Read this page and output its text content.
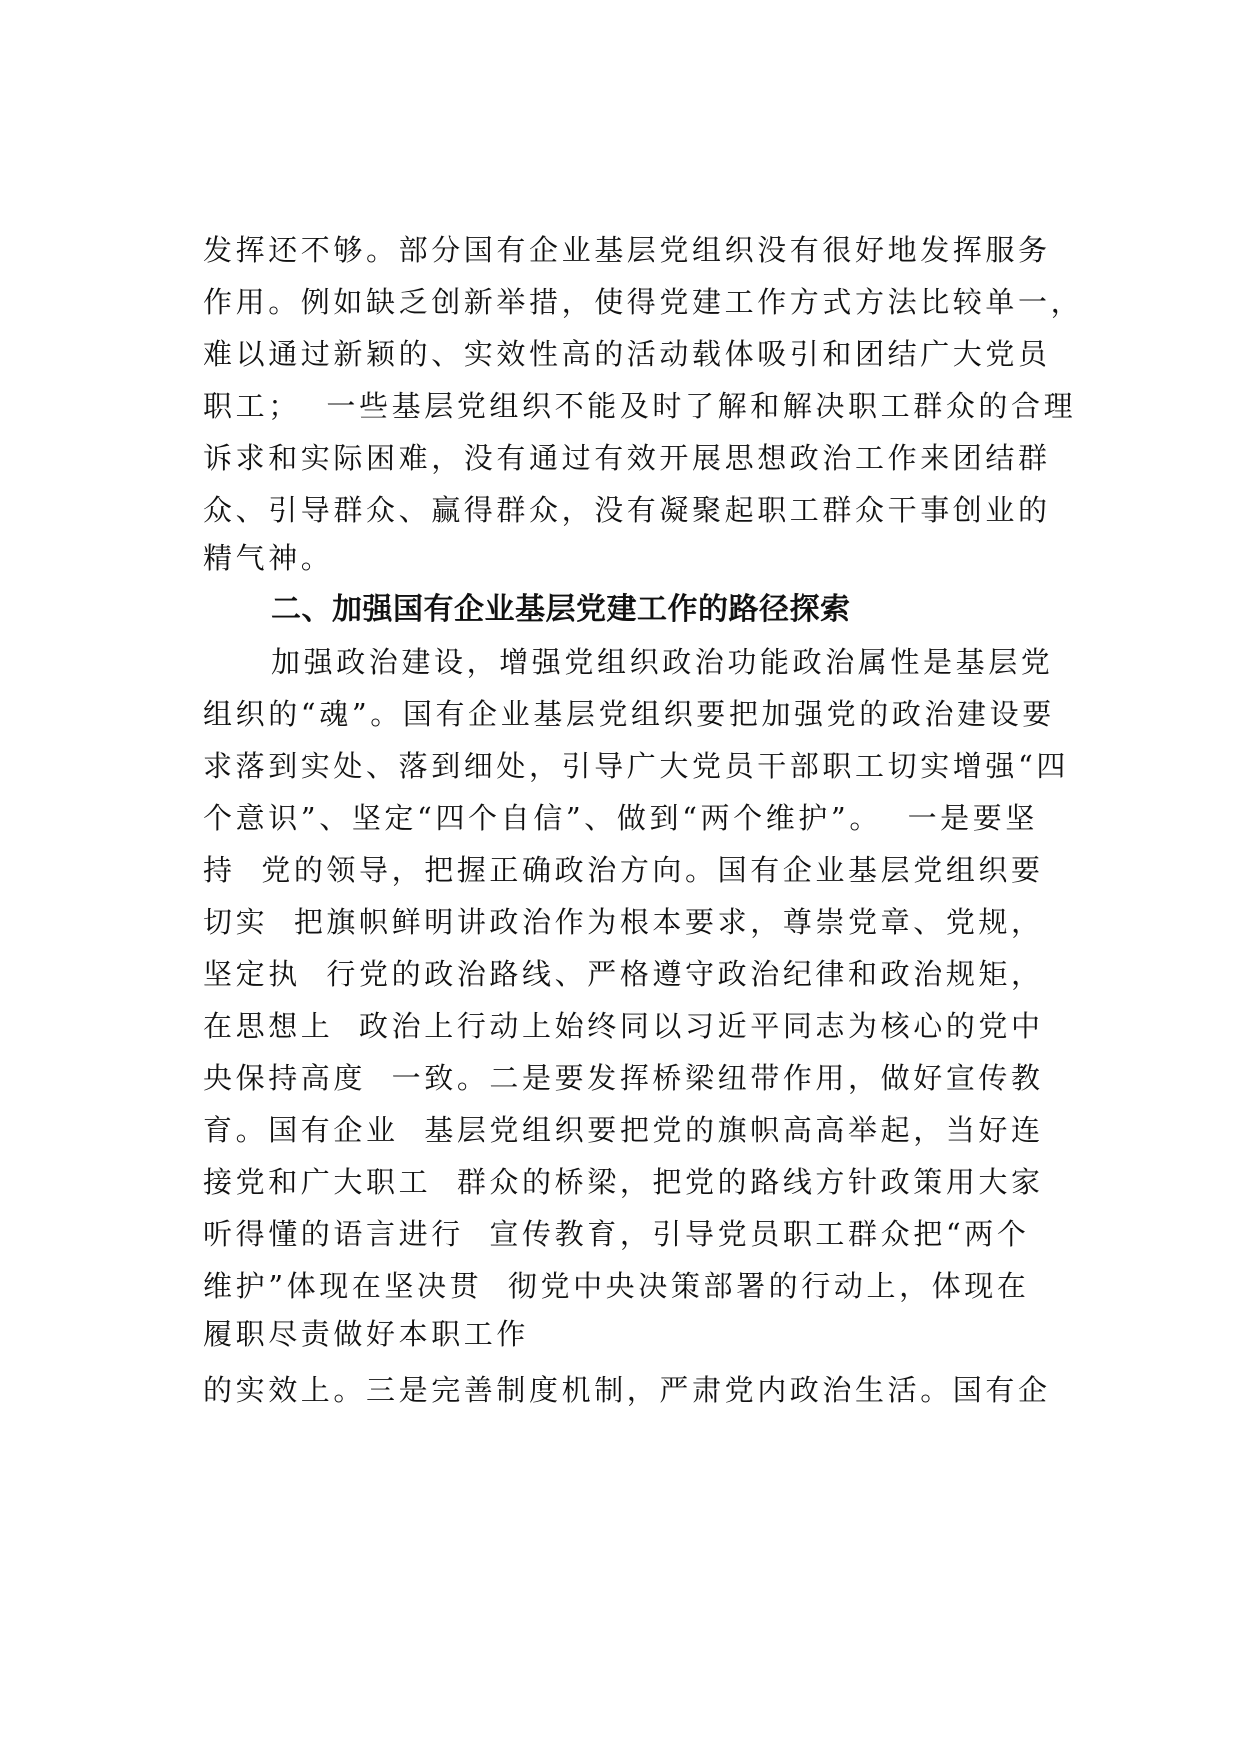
发挥还不够。部分国有企业基层党组织没有很好地发挥服务
作用。例如缺乏创新举措，使得党建工作方式方法比较单一，
难以通过新颖的、实效性高的活动载体吸引和团结广大党员
职工；  一些基层党组织不能及时了解和解决职工群众的合理
诉求和实际困难，没有通过有效开展思想政治工作来团结群
众、引导群众、赢得群众，没有凝聚起职工群众干事创业的
精气神。
二、加强国有企业基层党建工作的路径探索
加强政治建设，增强党组织政治功能政治属性是基层党
组织的“魂”。国有企业基层党组织要把加强党的政治建设要
求落到实处、落到细处，引导广大党员干部职工切实增强“四
个意识”、坚定“四个自信”、做到“两个维护”。  一是要坚
持  党的领导，把握正确政治方向。国有企业基层党组织要
切实  把旗帜鲜明讲政治作为根本要求，尊崇党章、党规，
坚定执  行党的政治路线、严格遵守政治纪律和政治规矩，
在思想上  政治上行动上始终同以习近平同志为核心的党中
央保持高度  一致。二是要发挥桥梁纽带作用，做好宣传教
育。国有企业  基层党组织要把党的旗帜高高举起，当好连
接党和广大职工  群众的桥梁，把党的路线方针政策用大家
听得懂的语言进行  宣传教育，引导党员职工群众把“两个
维护”体现在坚决贯  彻党中央决策部署的行动上，体现在
履职尽责做好本职工作
的实效上。三是完善制度机制，严肃党内政治生活。国有企
